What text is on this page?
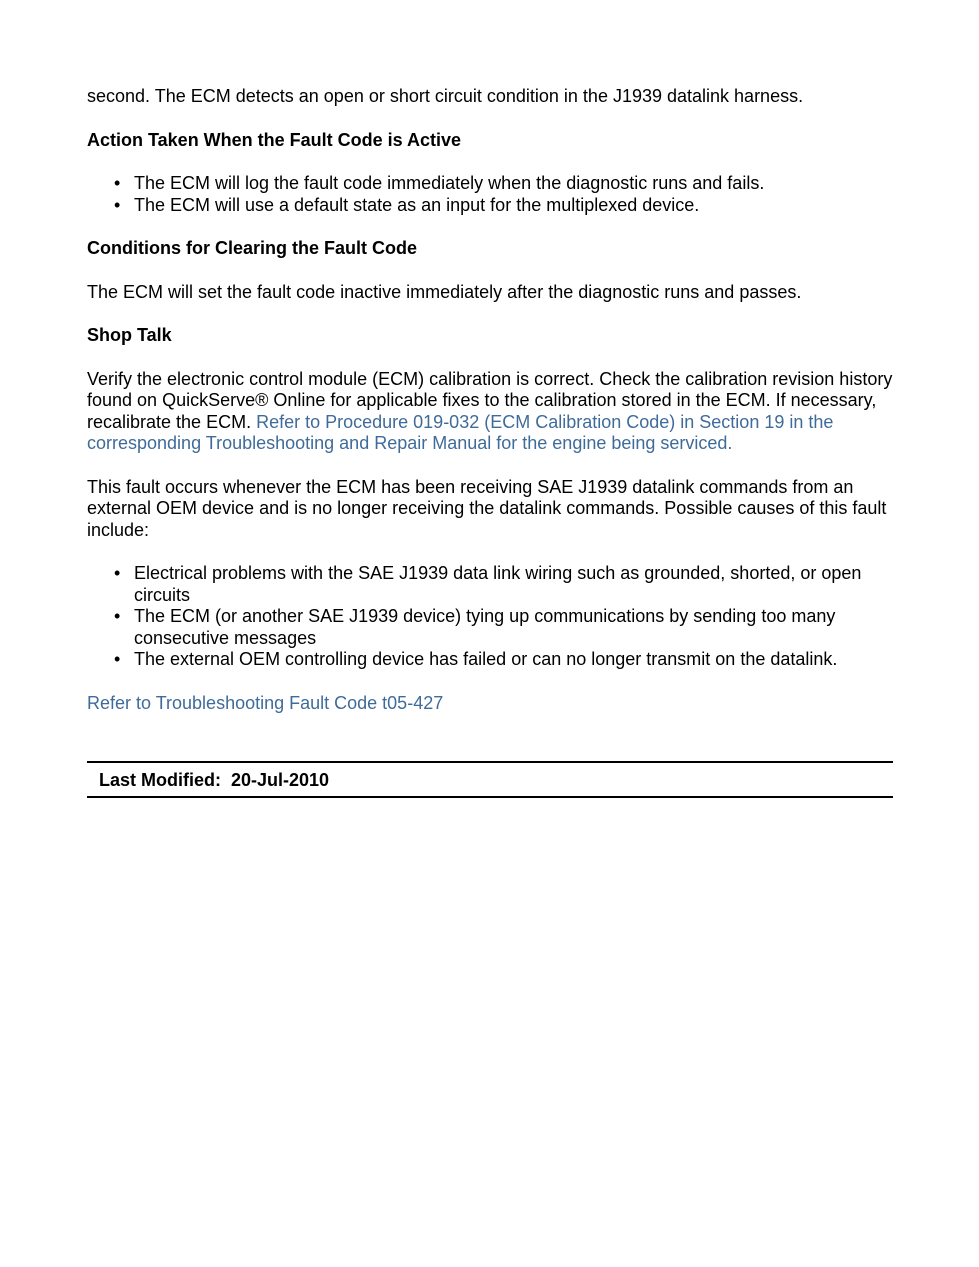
second. The ECM detects an open or short circuit condition in the J1939 datalink harness.

Action Taken When the Fault Code is Active

• The ECM will log the fault code immediately when the diagnostic runs and fails.
• The ECM will use a default state as an input for the multiplexed device.

Conditions for Clearing the Fault Code

The ECM will set the fault code inactive immediately after the diagnostic runs and passes.

Shop Talk

Verify the electronic control module (ECM) calibration is correct. Check the calibration revision history found on QuickServe® Online for applicable fixes to the calibration stored in the ECM. If necessary, recalibrate the ECM. Refer to Procedure 019-032 (ECM Calibration Code) in Section 19 in the corresponding Troubleshooting and Repair Manual for the engine being serviced.

This fault occurs whenever the ECM has been receiving SAE J1939 datalink commands from an external OEM device and is no longer receiving the datalink commands. Possible causes of this fault include:

• Electrical problems with the SAE J1939 data link wiring such as grounded, shorted, or open circuits
• The ECM (or another SAE J1939 device) tying up communications by sending too many consecutive messages
• The external OEM controlling device has failed or can no longer transmit on the datalink.

Refer to Troubleshooting Fault Code t05-427

Last Modified:  20-Jul-2010
